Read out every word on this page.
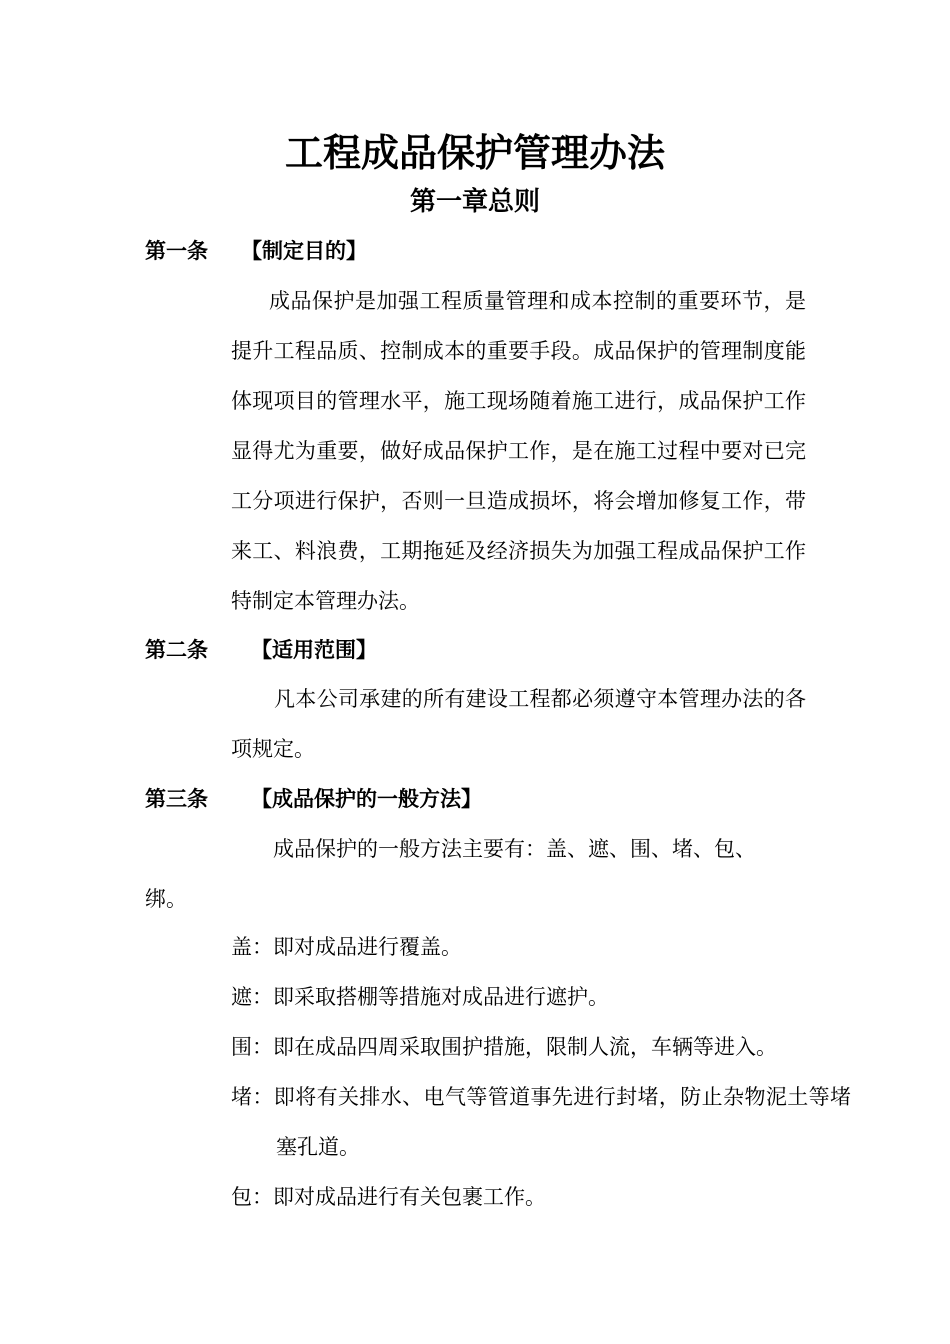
工程成品保护管理办法
第一章总则
第一条 【制定目的】
成品保护是加强工程质量管理和成本控制的重要环节，是提升工程品质、控制成本的重要手段。成品保护的管理制度能体现项目的管理水平，施工现场随着施工进行，成品保护工作显得尤为重要，做好成品保护工作，是在施工过程中要对已完工分项进行保护，否则一旦造成损坏，将会增加修复工作，带来工、料浪费，工期拖延及经济损失为加强工程成品保护工作特制定本管理办法。
第二条 【适用范围】
凡本公司承建的所有建设工程都必须遵守本管理办法的各项规定。
第三条 【成品保护的一般方法】
成品保护的一般方法主要有：盖、遮、围、堵、包、
绑。
盖：即对成品进行覆盖。
遮：即采取搭棚等措施对成品进行遮护。
围：即在成品四周采取围护措施，限制人流，车辆等进入。
堵：即将有关排水、电气等管道事先进行封堵，防止杂物泥土等堵塞孔道。
包：即对成品进行有关包裹工作。
